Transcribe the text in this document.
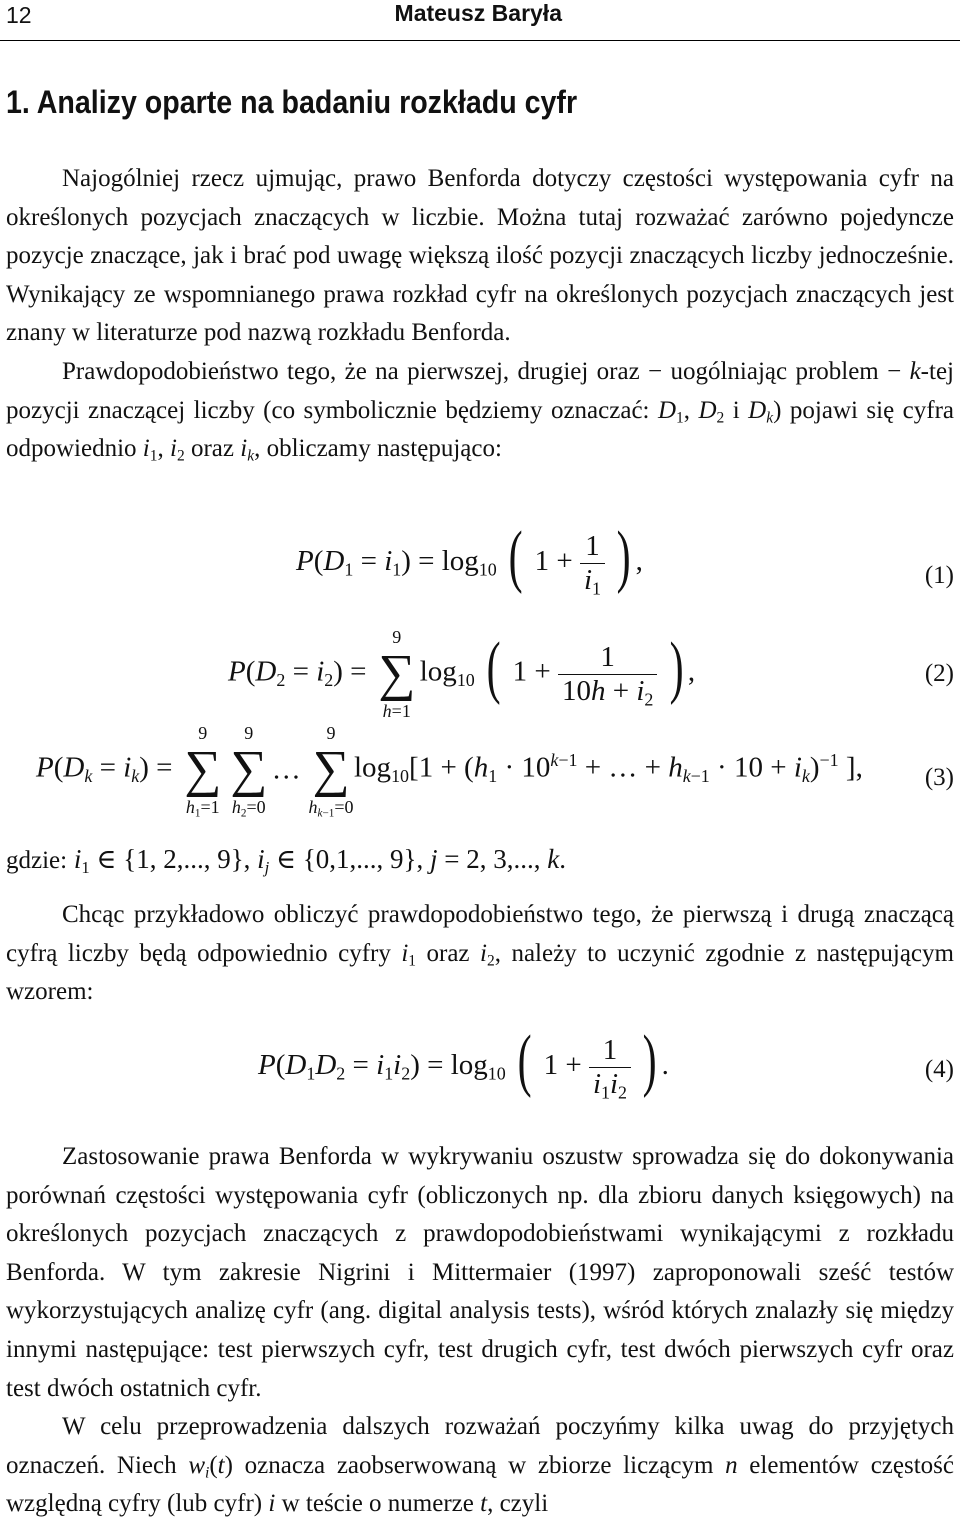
12	Mateusz Baryła
1. Analizy oparte na badaniu rozkładu cyfr

Najogólniej rzecz ujmując, prawo Benforda dotyczy częstości występowania cyfr na określonych pozycjach znaczących w liczbie. Można tutaj rozważać zarówno pojedyncze pozycje znaczące, jak i brać pod uwagę większą ilość pozycji znaczących liczby jednocześnie. Wynikający ze wspomnianego prawa rozkład cyfr na określonych pozycjach znaczących jest znany w literaturze pod nazwą rozkładu Benforda.

Prawdopodobieństwo tego, że na pierwszej, drugiej oraz − uogólniając problem − k-tej pozycji znaczącej liczby (co symbolicznie będziemy oznaczać: $D_1$, $D_2$ i $D_k$) pojawi się cyfra odpowiednio $i_1$, $i_2$ oraz $i_k$, obliczamy następująco:

$P(D_1 = i_1) = \log_{10}$ ( $1 + \frac{1}{i_1}$ ) ,	(1)
$P(D_2 = i_2)$ =
9
∑
h=1
$\log_{10}$ ( $1 + \frac{1}{10h + i_2}$ ) ,	(2)
$P(D_k = i_k)$ =
9
∑
$h_1=1$
9
∑
$h_2=0$
…
9
∑
$h_{k-1}=0$
$\log_{10}[1 + (h_1 \cdot 10^{k-1}$ + … + $h_{k-1} \cdot 10 + i_k)^{-1}$ ], (3)
gdzie: $i_1$ ∈ {1, 2,..., 9}, $i_j$ ∈ {0,1,..., 9}, j = 2, 3,..., k.

Chcąc przykładowo obliczyć prawdopodobieństwo tego, że pierwszą i drugą znaczącą cyfrą liczby będą odpowiednio cyfry $i_1$ oraz $i_2$, należy to uczynić zgodnie z następującym wzorem:

$P(D_1D_2 = i_1i_2) = \log_{10}$ ( $1 + \frac{1}{i_1i_2}$ ) .	(4)

Zastosowanie prawa Benforda w wykrywaniu oszustw sprowadza się do dokonywania porównań częstości występowania cyfr (obliczonych np. dla zbioru danych księgowych) na określonych pozycjach znaczących z prawdopodobieństwami wynikającymi z rozkładu Benforda. W tym zakresie Nigrini i Mittermaier (1997) zaproponowali sześć testów wykorzystujących analizę cyfr (ang. digital analysis tests), wśród których znalazły się między innymi następujące: test pierwszych cyfr, test drugich cyfr, test dwóch pierwszych cyfr oraz test dwóch ostatnich cyfr.

W celu przeprowadzenia dalszych rozważań poczyńmy kilka uwag do przyjętych oznaczeń. Niech $w_i(t)$ oznacza zaobserwowaną w zbiorze liczącym n elementów częstość względną cyfry (lub cyfr) i w teście o numerze t, czyli
